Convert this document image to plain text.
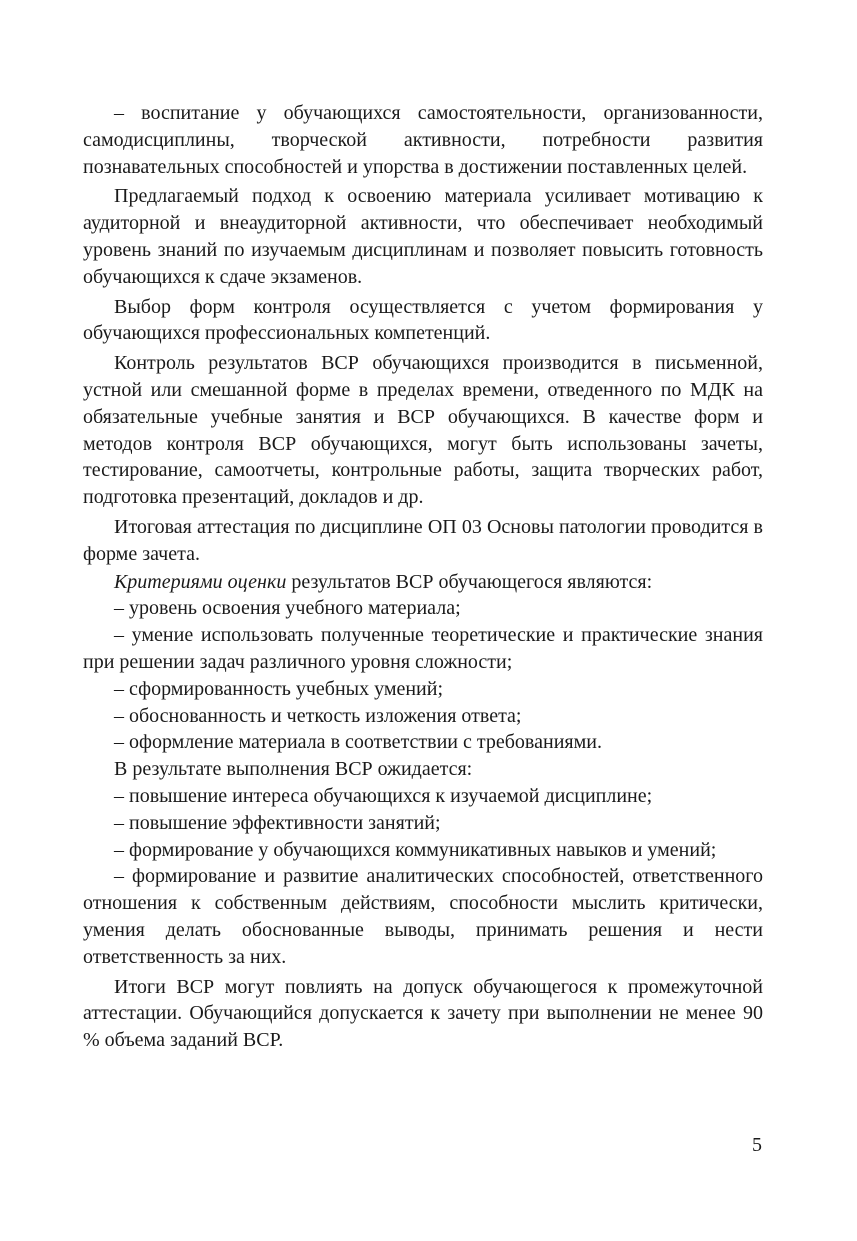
– воспитание у обучающихся самостоятельности, организованности, самодисциплины, творческой активности, потребности развития познавательных способностей и упорства в достижении поставленных целей.

Предлагаемый подход к освоению материала усиливает мотивацию к аудиторной и внеаудиторной активности, что обеспечивает необходимый уровень знаний по изучаемым дисциплинам и позволяет повысить готовность обучающихся к сдаче экзаменов.

Выбор форм контроля осуществляется с учетом формирования у обучающихся профессиональных компетенций.

Контроль результатов ВСР обучающихся производится в письменной, устной или смешанной форме в пределах времени, отведенного по МДК на обязательные учебные занятия и ВСР обучающихся. В качестве форм и методов контроля ВСР обучающихся, могут быть использованы зачеты, тестирование, самоотчеты, контрольные работы, защита творческих работ, подготовка презентаций, докладов и др.

Итоговая аттестация по дисциплине ОП 03 Основы патологии проводится в форме зачета.

Критериями оценки результатов ВСР обучающегося являются:

– уровень освоения учебного материала;

– умение использовать полученные теоретические и практические знания при решении задач различного уровня сложности;

– сформированность учебных умений;

– обоснованность и четкость изложения ответа;

– оформление материала в соответствии с требованиями.

В результате выполнения ВСР ожидается:

– повышение интереса обучающихся к изучаемой дисциплине;

– повышение эффективности занятий;

– формирование у обучающихся коммуникативных навыков и умений;

– формирование и развитие аналитических способностей, ответственного отношения к собственным действиям, способности мыслить критически, умения делать обоснованные выводы, принимать решения и нести ответственность за них.

Итоги ВСР могут повлиять на допуск обучающегося к промежуточной аттестации. Обучающийся допускается к зачету при выполнении не менее 90 % объема заданий ВСР.

5
